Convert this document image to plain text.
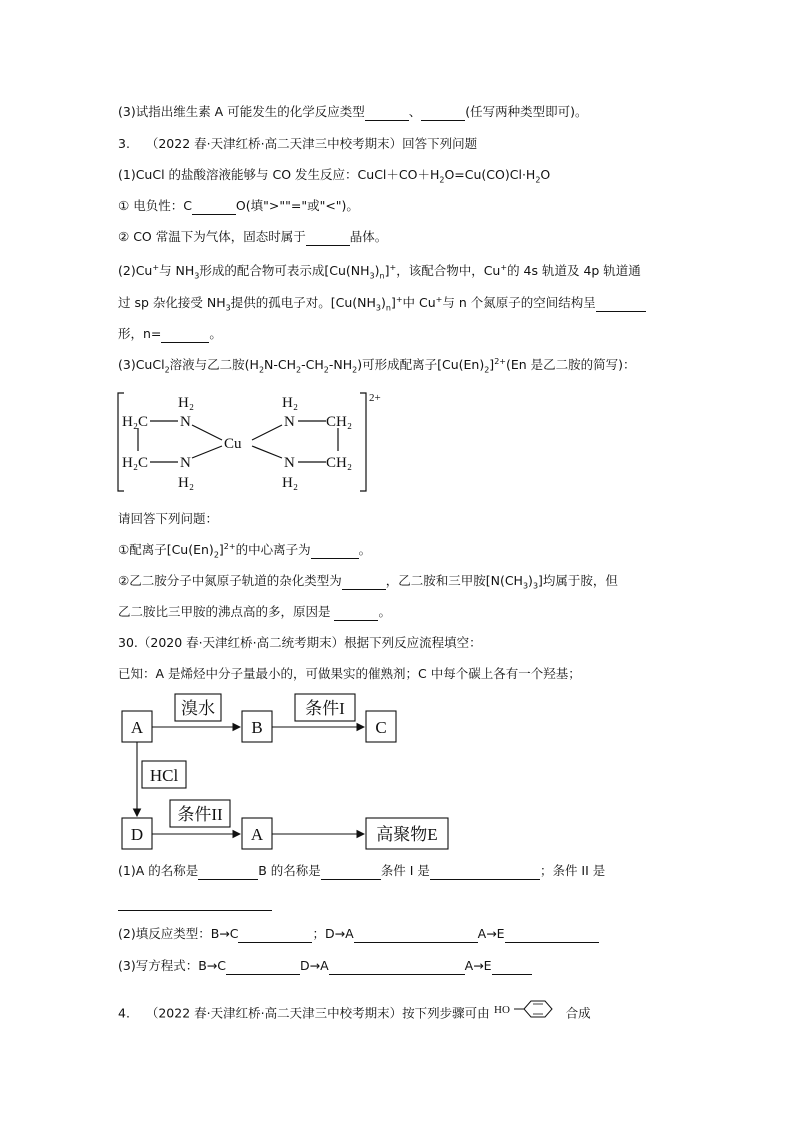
(3)试指出维生素 A 可能发生的化学反应类型	、	(任写两种类型即可)。
3. （2022 春·天津红桥·高二天津三中校考期末）回答下列问题
(1)CuCl 的盐酸溶液能够与 CO 发生反应：$CuCl+CO+H_2O=Cu(CO)Cl\cdot H_2O$
① 电负性：C	O(填">""="或"<")。
② CO 常温下为气体，固态时属于	晶体。
(2)Cu+与 $NH_3$形成的配合物可表示成$[Cu(NH_3)_n]^+$，该配合物中，Cu+的 4s 轨道及 4p 轨道通
过 sp 杂化接受 $NH_3$提供的孤电子对。$[Cu(NH_3)_n]^+$中 Cu+与 n 个氮原子的空间结构呈
形，n=	。
(3)CuCl$_2$溶液与乙二胺$(H_2N-CH_2-CH_2-NH_2)$可形成配离子$[Cu(En)_2]^{2+}(En$ 是乙二胺的简写)：
H₂	H₂
H₂C N	N CH₂
Cu
H₂C N	N CH₂
H₂	H₂
2+
请回答下列问题：
①配离子$[Cu(En)_2]^{2+}$的中心离子为	。
②乙二胺分子中氮原子轨道的杂化类型为	，乙二胺和三甲胺$[N(CH_3)_3]$均属于胺，但
乙二胺比三甲胺的沸点高的多，原因是	。
30.（2020 春·天津红桥·高二统考期末）根据下列反应流程填空：
已知：A 是烯烃中分子量最小的，可做果实的催熟剂；C 中每个碳上各有一个羟基；
A	B	C
溴水	条件I
HCl
D
条件II
A	高聚物E
(1)A 的名称是	B 的名称是	条件 I 是	；条件 II 是
(2)填反应类型：B→C	；D→A	A→E
(3)写方程式：B→C	D→A	A→E
4. （2022 春·天津红桥·高二天津三中校考期末）按下列步骤可由 HO	合成
